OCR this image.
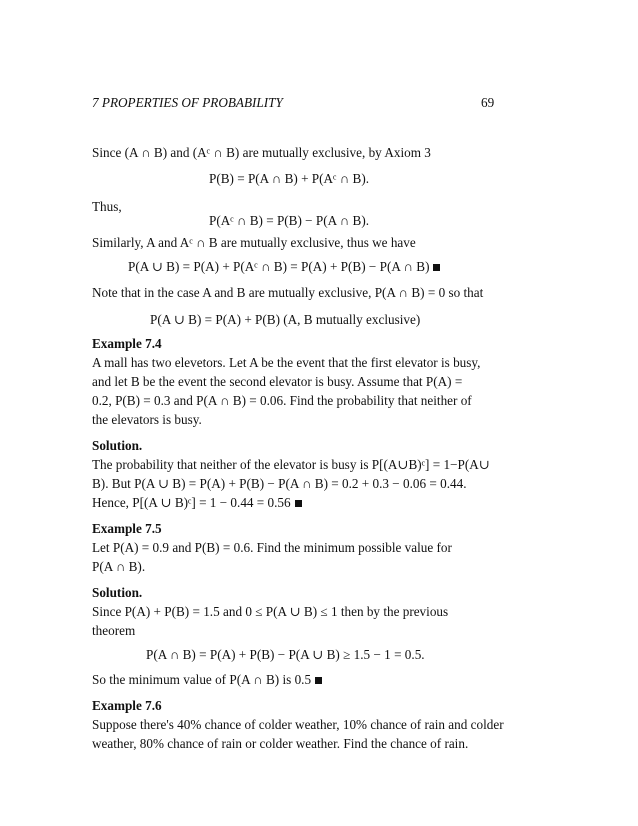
7 PROPERTIES OF PROBABILITY	69
Since (A ∩ B) and (Aᶜ ∩ B) are mutually exclusive, by Axiom 3
P(B) = P(A ∩ B) + P(Aᶜ ∩ B).
Thus,
P(Aᶜ ∩ B) = P(B) − P(A ∩ B).
Similarly, A and Aᶜ ∩ B are mutually exclusive, thus we have
P(A ∪ B) = P(A) + P(Aᶜ ∩ B) = P(A) + P(B) − P(A ∩ B)
Note that in the case A and B are mutually exclusive, P(A ∩ B) = 0 so that
P(A ∪ B) = P(A) + P(B) (A, B mutually exclusive)
Example 7.4
A mall has two elevetors. Let A be the event that the first elevator is busy,
and let B be the event the second elevator is busy. Assume that P(A) =
0.2, P(B) = 0.3 and P(A ∩ B) = 0.06. Find the probability that neither of
the elevators is busy.
Solution.
The probability that neither of the elevator is busy is P[(A∪B)ᶜ] = 1−P(A∪
B). But P(A ∪ B) = P(A) + P(B) − P(A ∩ B) = 0.2 + 0.3 − 0.06 = 0.44.
Hence, P[(A ∪ B)ᶜ] = 1 − 0.44 = 0.56
Example 7.5
Let P(A) = 0.9 and P(B) = 0.6. Find the minimum possible value for
P(A ∩ B).
Solution.
Since P(A) + P(B) = 1.5 and 0 ≤ P(A ∪ B) ≤ 1 then by the previous
theorem
P(A ∩ B) = P(A) + P(B) − P(A ∪ B) ≥ 1.5 − 1 = 0.5.
So the minimum value of P(A ∩ B) is 0.5
Example 7.6
Suppose there's 40% chance of colder weather, 10% chance of rain and colder
weather, 80% chance of rain or colder weather. Find the chance of rain.
